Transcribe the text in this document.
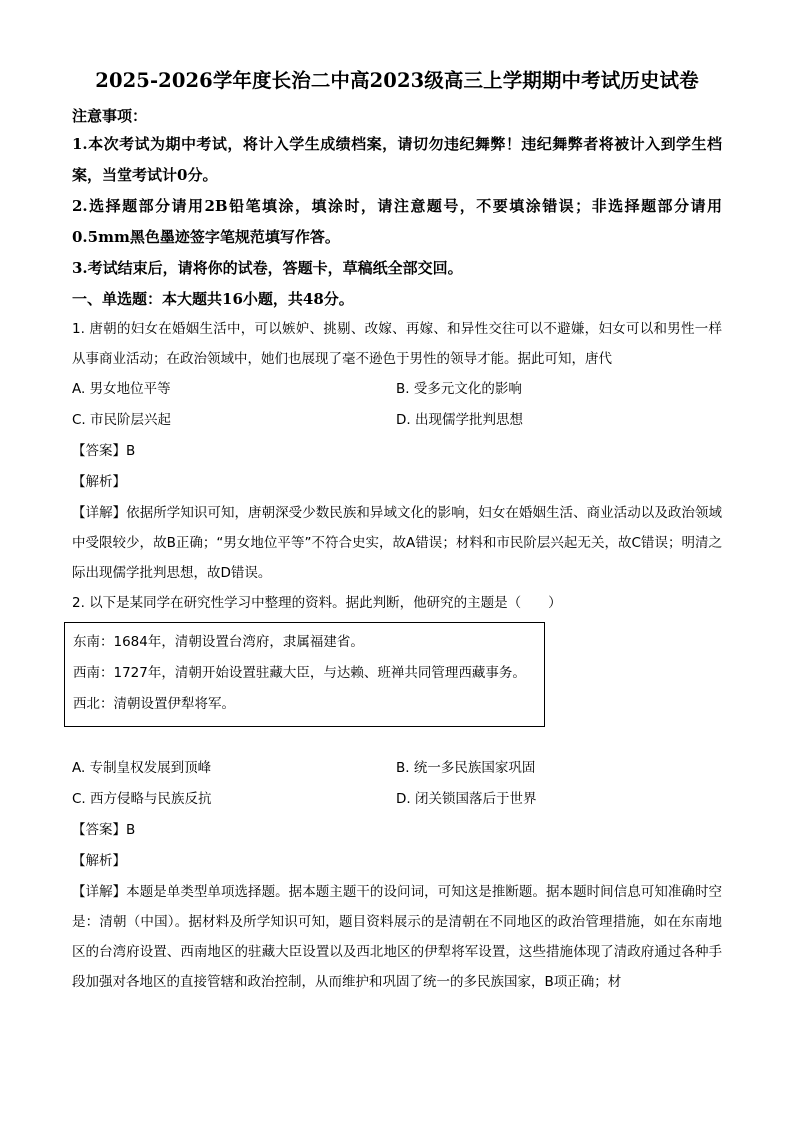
2025-2026学年度长治二中高2023级高三上学期期中考试历史试卷

注意事项：

1.本次考试为期中考试，将计入学生成绩档案，请切勿违纪舞弊！违纪舞弊者将被计入到学生档案，当堂考试计0分。

2.选择题部分请用2B铅笔填涂，填涂时，请注意题号，不要填涂错误；非选择题部分请用0.5mm黑色墨迹签字笔规范填写作答。

3.考试结束后，请将你的试卷，答题卡，草稿纸全部交回。

一、单选题：本大题共16小题，共48分。

1. 唐朝的妇女在婚姻生活中，可以嫉妒、挑剔、改嫁、再嫁、和异性交往可以不避嫌，妇女可以和男性一样从事商业活动；在政治领域中，她们也展现了毫不逊色于男性的领导才能。据此可知，唐代

A. 男女地位平等	B. 受多元文化的影响
C. 市民阶层兴起	D. 出现儒学批判思想

【答案】B

【解析】

【详解】依据所学知识可知，唐朝深受少数民族和异域文化的影响，妇女在婚姻生活、商业活动以及政治领域中受限较少，故B正确；“男女地位平等”不符合史实，故A错误；材料和市民阶层兴起无关，故C错误；明清之际出现儒学批判思想，故D错误。

2. 以下是某同学在研究性学习中整理的资料。据此判断，他研究的主题是（　　）

东南：1684年，清朝设置台湾府，隶属福建省。
西南：1727年，清朝开始设置驻藏大臣，与达赖、班禅共同管理西藏事务。
西北：清朝设置伊犁将军。
A. 专制皇权发展到顶峰	B. 统一多民族国家巩固
C. 西方侵略与民族反抗	D. 闭关锁国落后于世界

【答案】B

【解析】

【详解】本题是单类型单项选择题。据本题主题干的设问词，可知这是推断题。据本题时间信息可知准确时空是：清朝（中国）。据材料及所学知识可知，题目资料展示的是清朝在不同地区的政治管理措施，如在东南地区的台湾府设置、西南地区的驻藏大臣设置以及西北地区的伊犁将军设置，这些措施体现了清政府通过各种手段加强对各地区的直接管辖和政治控制，从而维护和巩固了统一的多民族国家，B项正确；材
